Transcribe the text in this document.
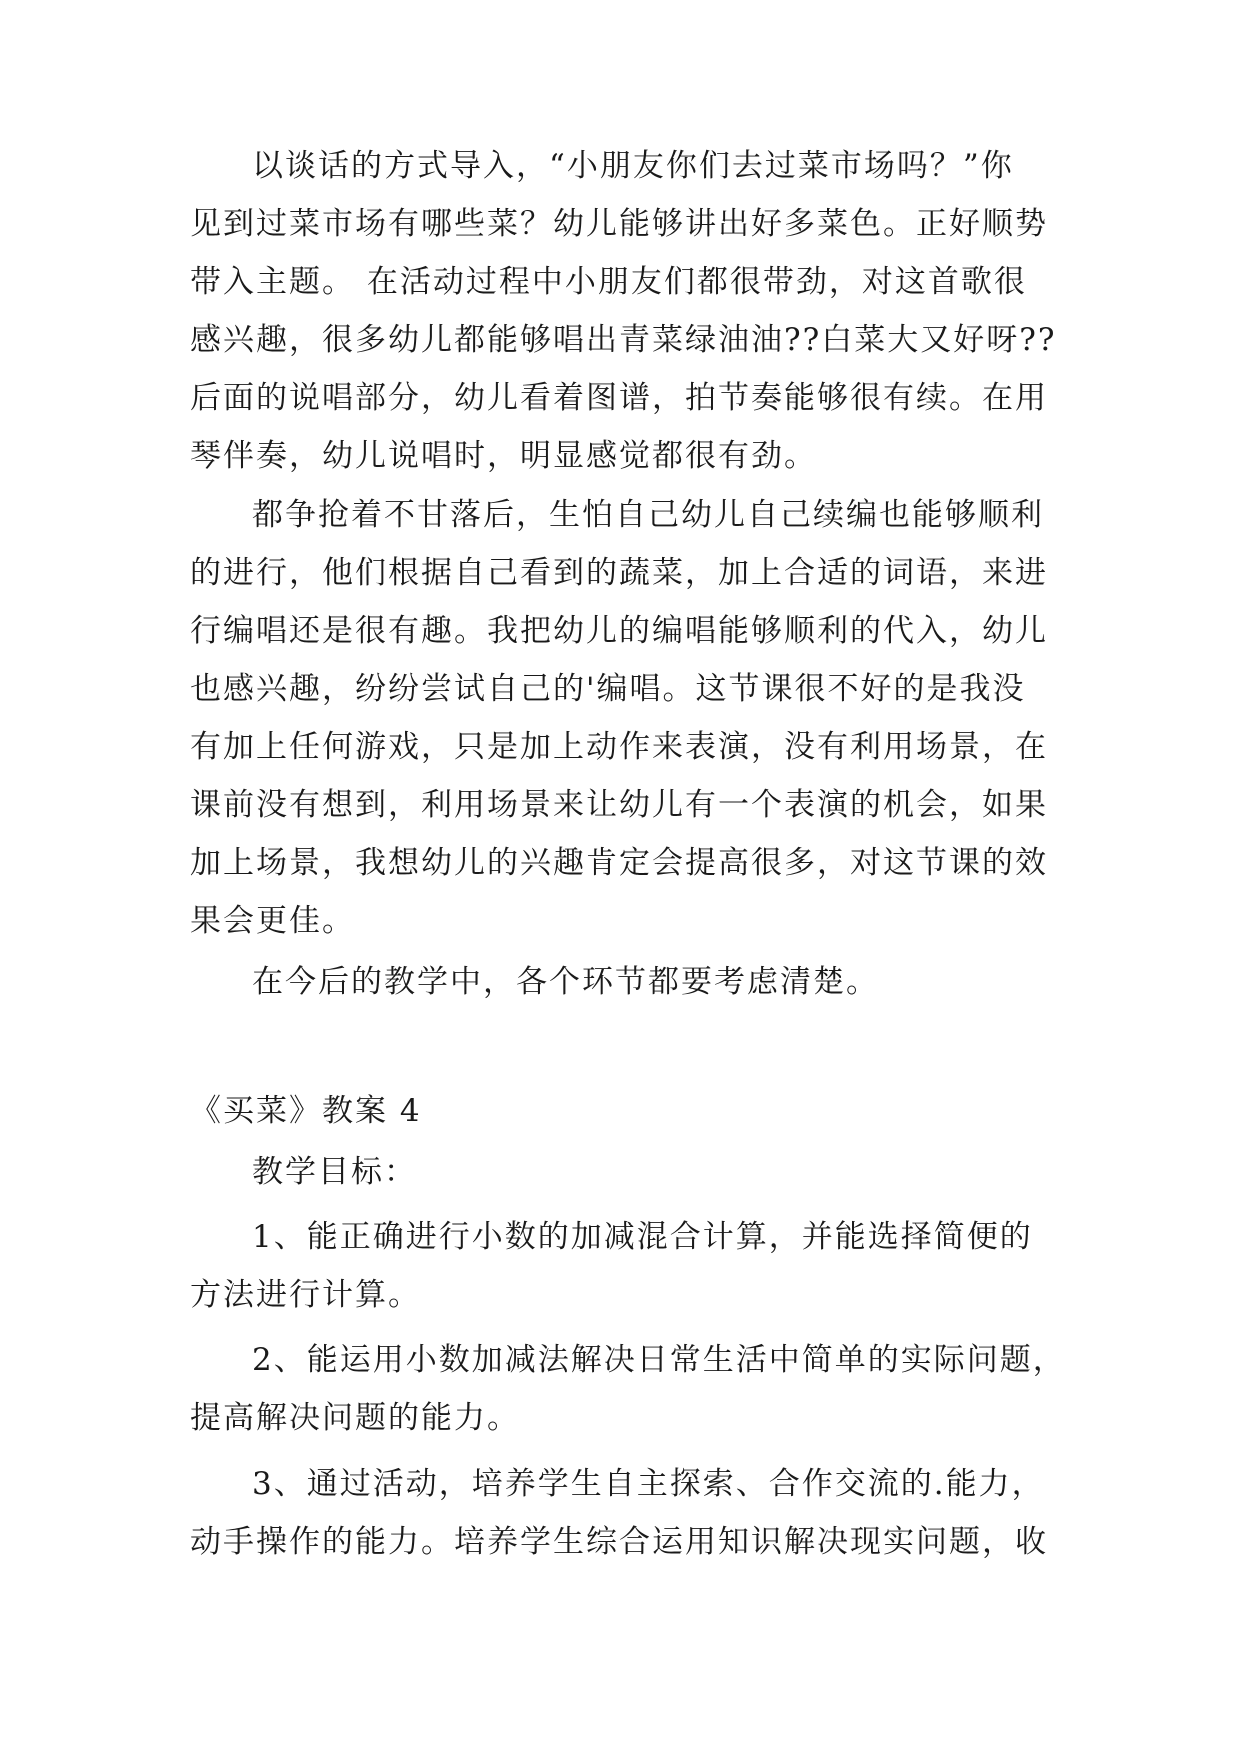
以谈话的方式导入，“小朋友你们去过菜市场吗？”你
见到过菜市场有哪些菜？幼儿能够讲出好多菜色。正好顺势
带入主题。 在活动过程中小朋友们都很带劲，对这首歌很
感兴趣，很多幼儿都能够唱出青菜绿油油??白菜大又好呀??
后面的说唱部分，幼儿看着图谱，拍节奏能够很有续。在用
琴伴奏，幼儿说唱时，明显感觉都很有劲。
都争抢着不甘落后，生怕自己幼儿自己续编也能够顺利
的进行，他们根据自己看到的蔬菜，加上合适的词语，来进
行编唱还是很有趣。我把幼儿的编唱能够顺利的代入，幼儿
也感兴趣，纷纷尝试自己的'编唱。这节课很不好的是我没
有加上任何游戏，只是加上动作来表演，没有利用场景，在
课前没有想到，利用场景来让幼儿有一个表演的机会，如果
加上场景，我想幼儿的兴趣肯定会提高很多，对这节课的效
果会更佳。
在今后的教学中，各个环节都要考虑清楚。
《买菜》教案 4
教学目标：
1、能正确进行小数的加减混合计算，并能选择简便的
方法进行计算。
2、能运用小数加减法解决日常生活中简单的实际问题，
提高解决问题的能力。
3、通过活动，培养学生自主探索、合作交流的.能力，
动手操作的能力。培养学生综合运用知识解决现实问题，收
